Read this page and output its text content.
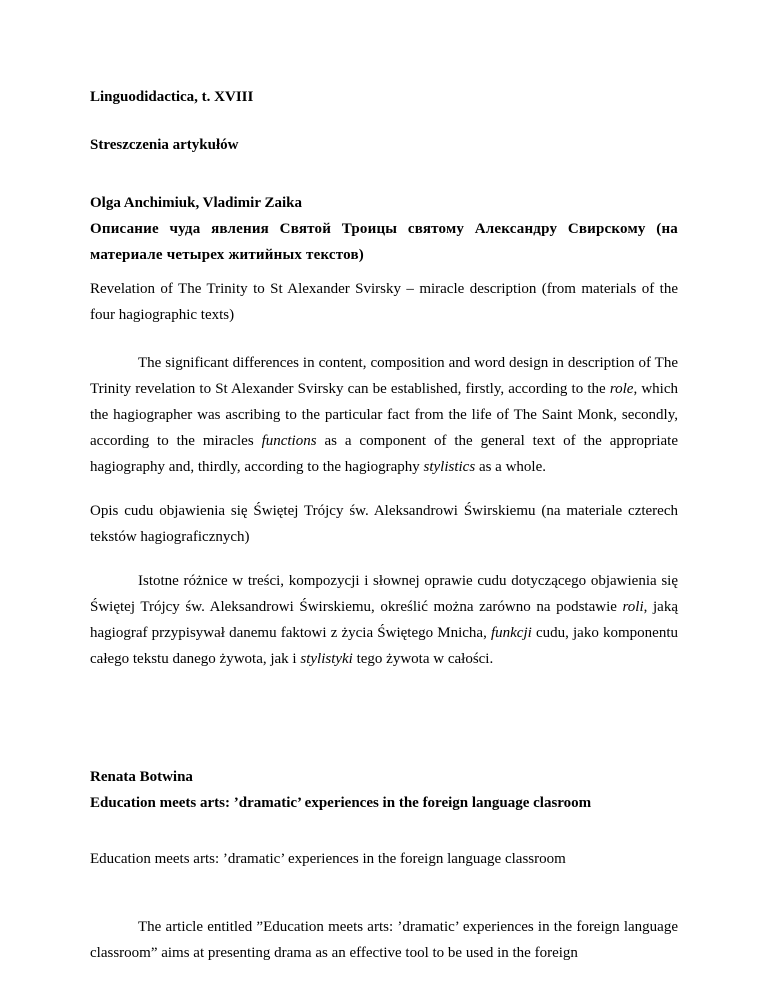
Linguodidactica, t. XVIII

Streszczenia artykułów

Olga Anchimiuk, Vladimir Zaika

Описание чуда явления Святой Троицы святому Александру Свирскому (на материале четырех житийных текстов)

Revelation of The Trinity to St Alexander Svirsky – miracle description (from materials of the four hagiographic texts)

The significant differences in content, composition and word design in description of The Trinity revelation to St Alexander Svirsky can be established, firstly, according to the role, which the hagiographer was ascribing to the particular fact from the life of The Saint Monk, secondly, according to the miracles functions as a component of the general text of the appropriate hagiography and, thirdly, according to the hagiography stylistics as a whole.

Opis cudu objawienia się Świętej Trójcy św. Aleksandrowi Świrskiemu (na materiale czterech tekstów hagiograficznych)

Istotne różnice w treści, kompozycji i słownej oprawie cudu dotyczącego objawienia się Świętej Trójcy św. Aleksandrowi Świrskiemu, określić można zarówno na podstawie roli, jaką hagiograf przypisywał danemu faktowi z życia Świętego Mnicha, funkcji cudu, jako komponentu całego tekstu danego żywota, jak i stylistyki tego żywota w całości.

Renata Botwina

Education meets arts: ’dramatic’ experiences in the foreign language clasroom

Education meets arts: ’dramatic’ experiences in the foreign language classroom

The article entitled ”Education meets arts: ’dramatic’ experiences in the foreign language classroom” aims at presenting drama as an effective tool to be used in the foreign
